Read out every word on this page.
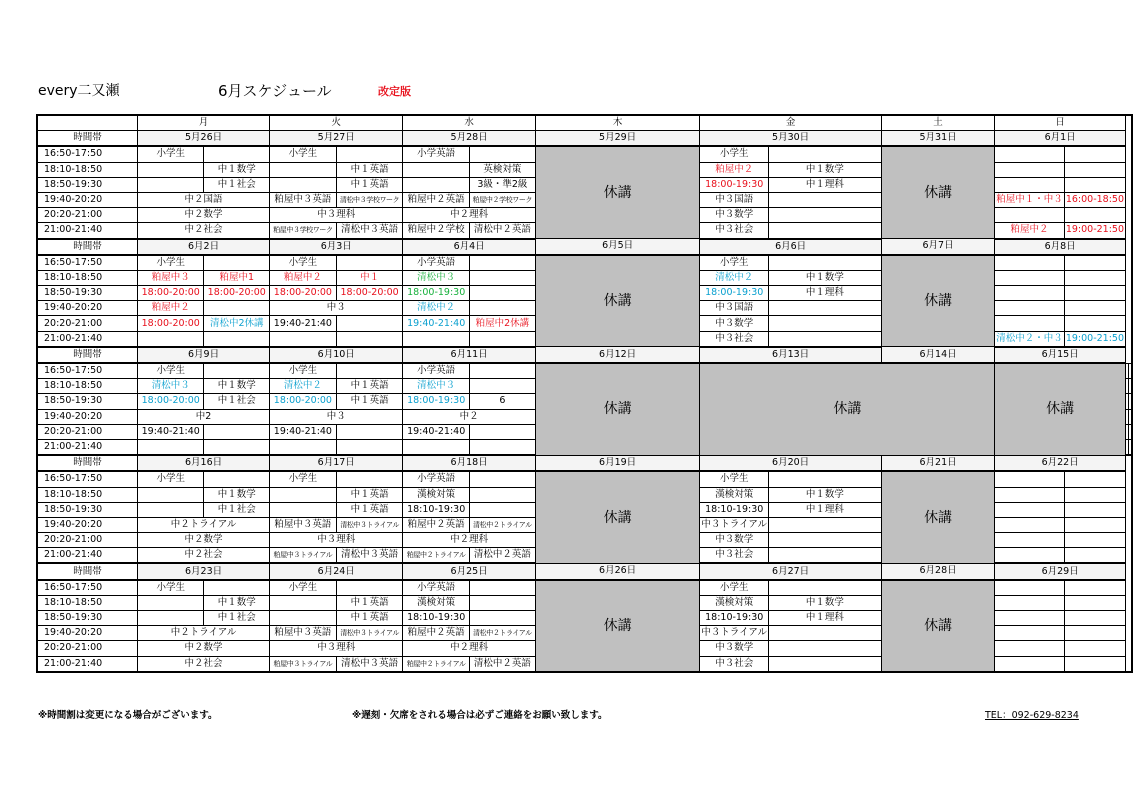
every二又瀬	6月スケジュール	改定版
	月		火		水		木	金		土	日			
時間帯	5月26日		5月27日		5月28日		5月29日	5月30日		5月31日	6月1日			
16:50-17:50	小学生		小学生		小学英語		休講	小学生		休講				
18:10-18:50		中１数学		中１英語		英検対策		粕屋中２	中１数学					
18:50-19:30		中１社会		中１英語		3級・準2級		18:00-19:30	中１理科					
19:40-20:20	中２国語		粕屋中３英語	清松中３学校ワーク	粕屋中２英語	粕屋中２学校ワーク		中３国語			粕屋中１・中３	16:00-18:50		
20:20-21:00	中２数学		中３理科		中２理科			中３数学						
21:00-21:40	中２社会		粕屋中３学校ワーク	清松中３英語	粕屋中２学校	清松中２英語		中３社会			粕屋中２	19:00-21:50		
時間帯	6月2日		6月3日		6月4日		6月5日	6月6日		6月7日	6月8日			
16:50-17:50	小学生		小学生		小学英語		休講	小学生		休講				
18:10-18:50	粕屋中３	粕屋中1	粕屋中２	中１	清松中３			清松中２	中１数学					
18:50-19:30	18:00-20:00	18:00-20:00	18:00-20:00	18:00-20:00	18:00-19:30			18:00-19:30	中１理科					
19:40-20:20	粕屋中２		中３		清松中２			中３国語						
20:20-21:00	18:00-20:00	清松中2休講	19:40-21:40		19:40-21:40	粕屋中2休講		中３数学						
21:00-21:40								中３社会			清松中２・中３	19:00-21:50		
時間帯	6月9日		6月10日		6月11日		6月12日	6月13日		6月14日	6月15日			
16:50-17:50	小学生		小学生		小学英語		休講	休講			休講			
18:10-18:50	清松中３	中１数学	清松中２	中１英語	清松中３									
18:50-19:30	18:00-20:00	中１社会	18:00-20:00	中１英語	18:00-19:30	6								
19:40-20:20	中2		中３		中２									
20:20-21:00	19:40-21:40		19:40-21:40		19:40-21:40									
21:00-21:40														
時間帯	6月16日		6月17日		6月18日		6月19日	6月20日		6月21日	6月22日			
16:50-17:50	小学生		小学生		小学英語		休講	小学生		休講				
18:10-18:50		中１数学		中１英語	漢検対策			漢検対策	中１数学					
18:50-19:30		中１社会		中１英語	18:10-19:30			18:10-19:30	中１理科					
19:40-20:20	中２トライアル		粕屋中３英語	清松中３トライアル	粕屋中２英語	清松中２トライアル		中３トライアル						
20:20-21:00	中２数学		中３理科		中２理科			中３数学						
21:00-21:40	中２社会		粕屋中３トライアル	清松中３英語	粕屋中２トライアル	清松中２英語		中３社会						
時間帯	6月23日		6月24日		6月25日		6月26日	6月27日		6月28日	6月29日			
16:50-17:50	小学生		小学生		小学英語		休講	小学生		休講				
18:10-18:50		中１数学		中１英語	漢検対策			漢検対策	中１数学					
18:50-19:30		中１社会		中１英語	18:10-19:30			18:10-19:30	中１理科					
19:40-20:20	中２トライアル		粕屋中３英語	清松中３トライアル	粕屋中２英語	清松中２トライアル		中３トライアル						
20:20-21:00	中２数学		中３理科		中２理科			中３数学						
21:00-21:40	中２社会		粕屋中３トライアル	清松中３英語	粕屋中２トライアル	清松中２英語		中３社会						
※時間割は変更になる場合がございます。	※遅刻・欠席をされる場合は必ずご連絡をお願い致します。	TEL：092-629-8234
